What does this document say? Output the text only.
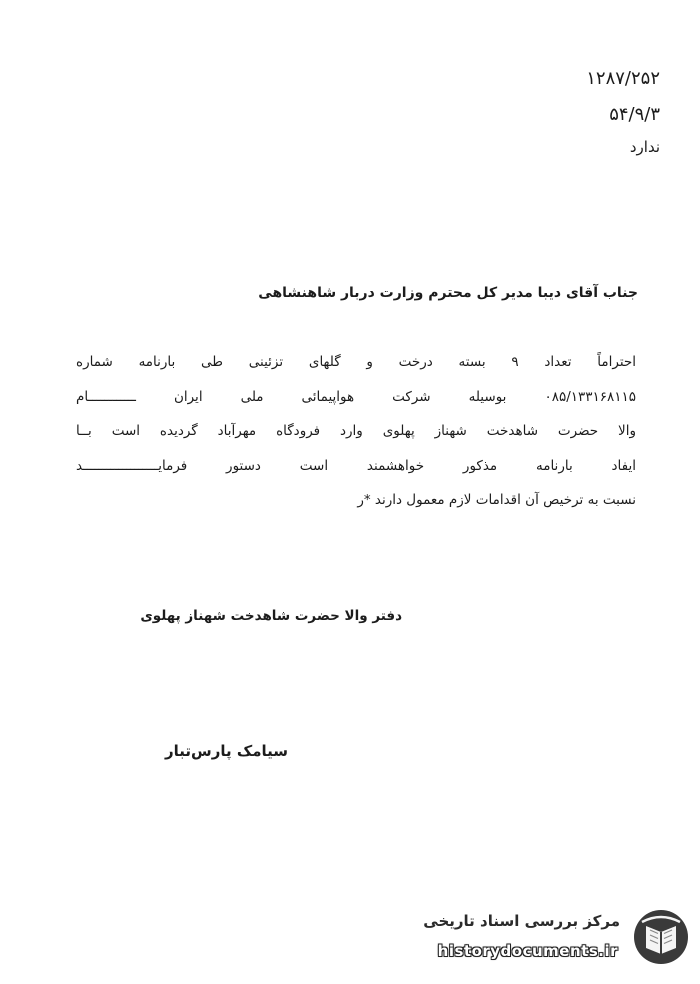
۱۲۸۷/۲۵۲
۵۴/۹/۳
ندارد
جناب آقای دیبا مدیر کل محترم وزارت دربار شاهنشاهی
احتراماً تعداد ۹ بسته درخت و گلهای تزئینی طی بارنامه شماره
۰۸۵/۱۳۳۱۶۸۱۱۵ بوسیله شرکت هواپیمائی ملی ایران ــــــــــــام
والا حضرت شاهدخت شهناز پهلوی وارد فرودگاه مهرآباد گردیده است بــا
ایفاد بارنامه مذکور خواهشمند است دستور فرمایـــــــــــــــــــد
نسبت به ترخیص آن اقدامات لازم معمول دارند *ر
دفتر والا حضرت شاهدخت شهناز پهلوی
سیامک پارس‌تبار
مرکز بررسی اسناد تاریخی
historydocuments.ir
